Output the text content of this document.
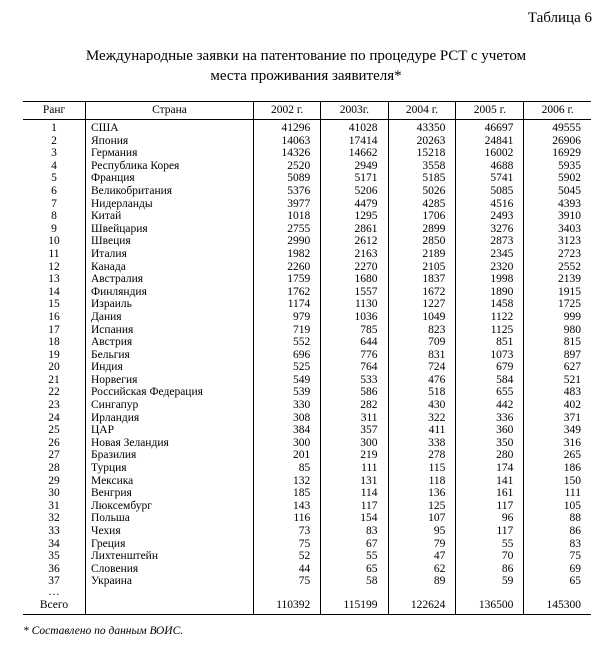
Таблица 6
Международные заявки на патентование по процедуре PCT с учетом
места проживания заявителя*
Ранг	Страна	2002 г.	2003г.	2004 г.	2005 г.	2006 г.
1	США	41296	41028	43350	46697	49555
2	Япония	14063	17414	20263	24841	26906
3	Германия	14326	14662	15218	16002	16929
4	Республика Корея	2520	2949	3558	4688	5935
5	Франция	5089	5171	5185	5741	5902
6	Великобритания	5376	5206	5026	5085	5045
7	Нидерланды	3977	4479	4285	4516	4393
8	Китай	1018	1295	1706	2493	3910
9	Швейцария	2755	2861	2899	3276	3403
10	Швеция	2990	2612	2850	2873	3123
11	Италия	1982	2163	2189	2345	2723
12	Канада	2260	2270	2105	2320	2552
13	Австралия	1759	1680	1837	1998	2139
14	Финляндия	1762	1557	1672	1890	1915
15	Израиль	1174	1130	1227	1458	1725
16	Дания	979	1036	1049	1122	999
17	Испания	719	785	823	1125	980
18	Австрия	552	644	709	851	815
19	Бельгия	696	776	831	1073	897
20	Индия	525	764	724	679	627
21	Норвегия	549	533	476	584	521
22	Российская Федерация	539	586	518	655	483
23	Сингапур	330	282	430	442	402
24	Ирландия	308	311	322	336	371
25	ЦАР	384	357	411	360	349
26	Новая Зеландия	300	300	338	350	316
27	Бразилия	201	219	278	280	265
28	Турция	85	111	115	174	186
29	Мексика	132	131	118	141	150
30	Венгрия	185	114	136	161	111
31	Люксембург	143	117	125	117	105
32	Польша	116	154	107	96	88
33	Чехия	73	83	95	117	86
34	Греция	75	67	79	55	83
35	Лихтенштейн	52	55	47	70	75
36	Словения	44	65	62	86	69
37	Украина	75	58	89	59	65
…						
Всего		110392	115199	122624	136500	145300
* Составлено по данным ВОИС.
